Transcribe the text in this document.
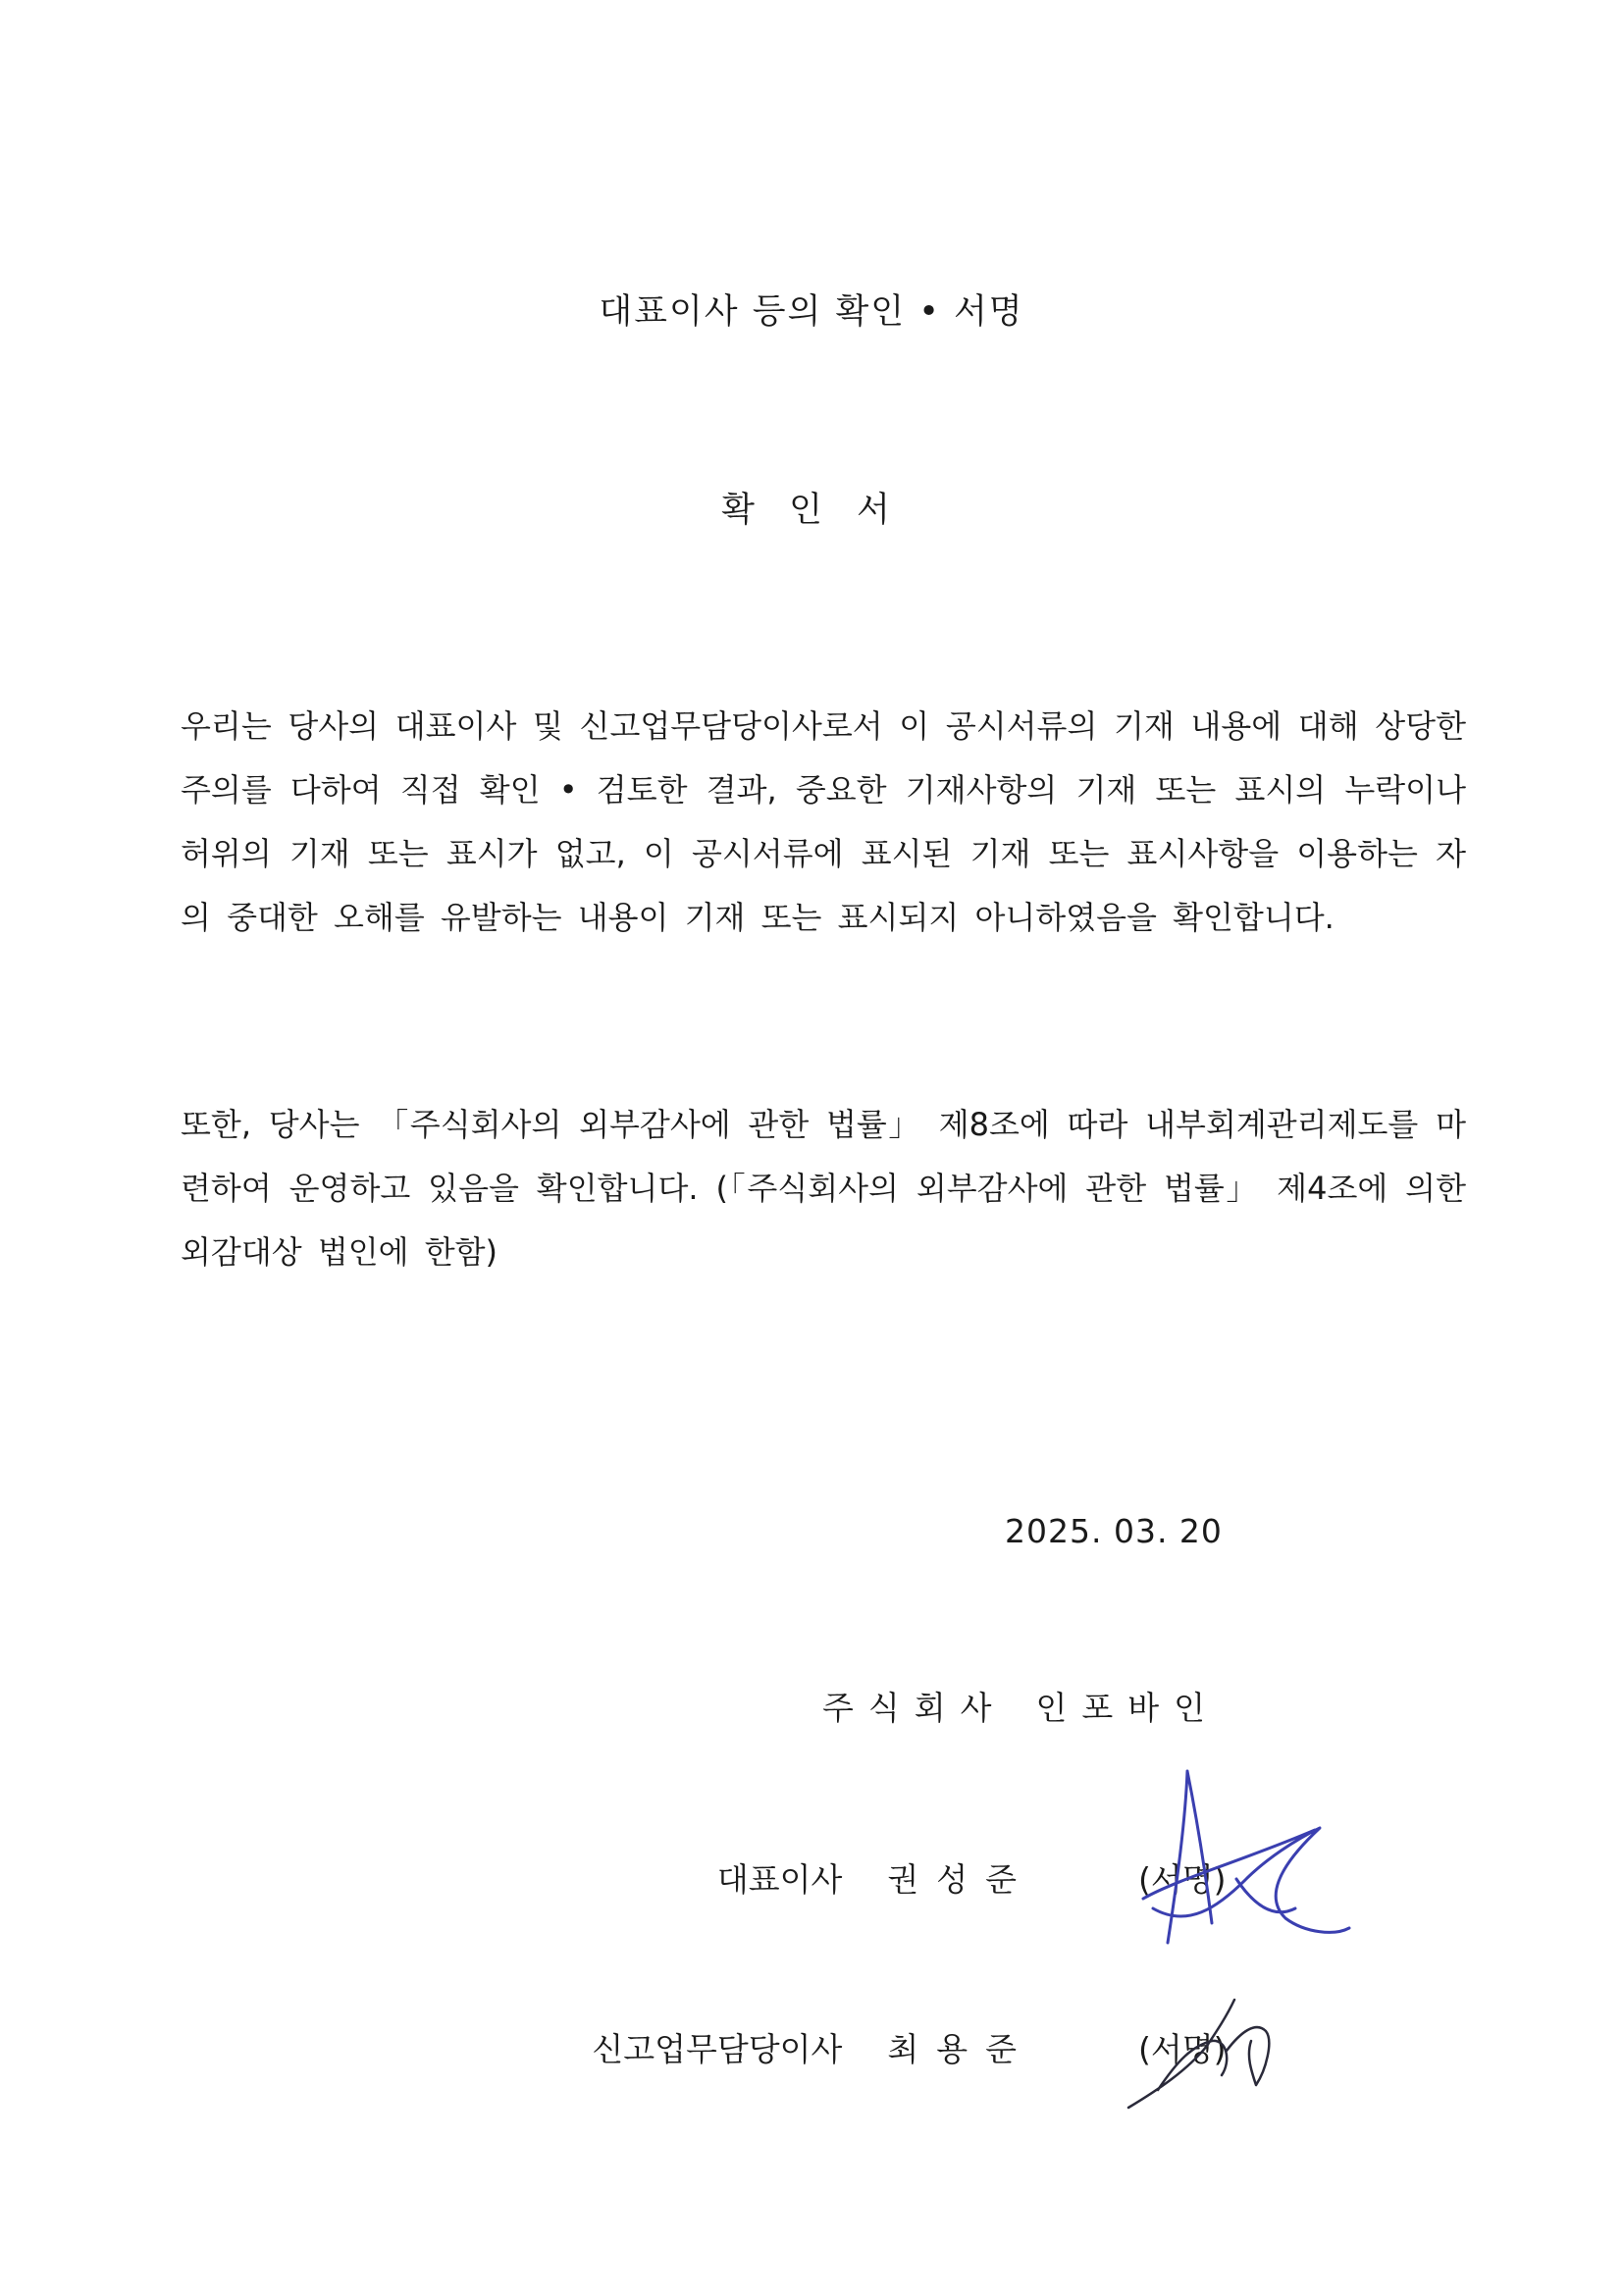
대표이사 등의 확인 • 서명
확 인 서

우리는 당사의 대표이사 및 신고업무담당이사로서 이 공시서류의 기재 내용에 대해 상당한 주의를 다하여 직접 확인 • 검토한 결과, 중요한 기재사항의 기재 또는 표시의 누락이나 허위의 기재 또는 표시가 없고, 이 공시서류에 표시된 기재 또는 표시사항을 이용하는 자의 중대한 오해를 유발하는 내용이 기재 또는 표시되지 아니하였음을 확인합니다.

또한, 당사는 「주식회사의 외부감사에 관한 법률」 제8조에 따라 내부회계관리제도를 마련하여 운영하고 있음을 확인합니다. (「주식회사의 외부감사에 관한 법률」 제4조에 의한 외감대상 법인에 한함)

2025. 03. 20
주식회사 인포바인
대표이사 권성준	(서명)
신고업무담당이사 최용준	(서명)
